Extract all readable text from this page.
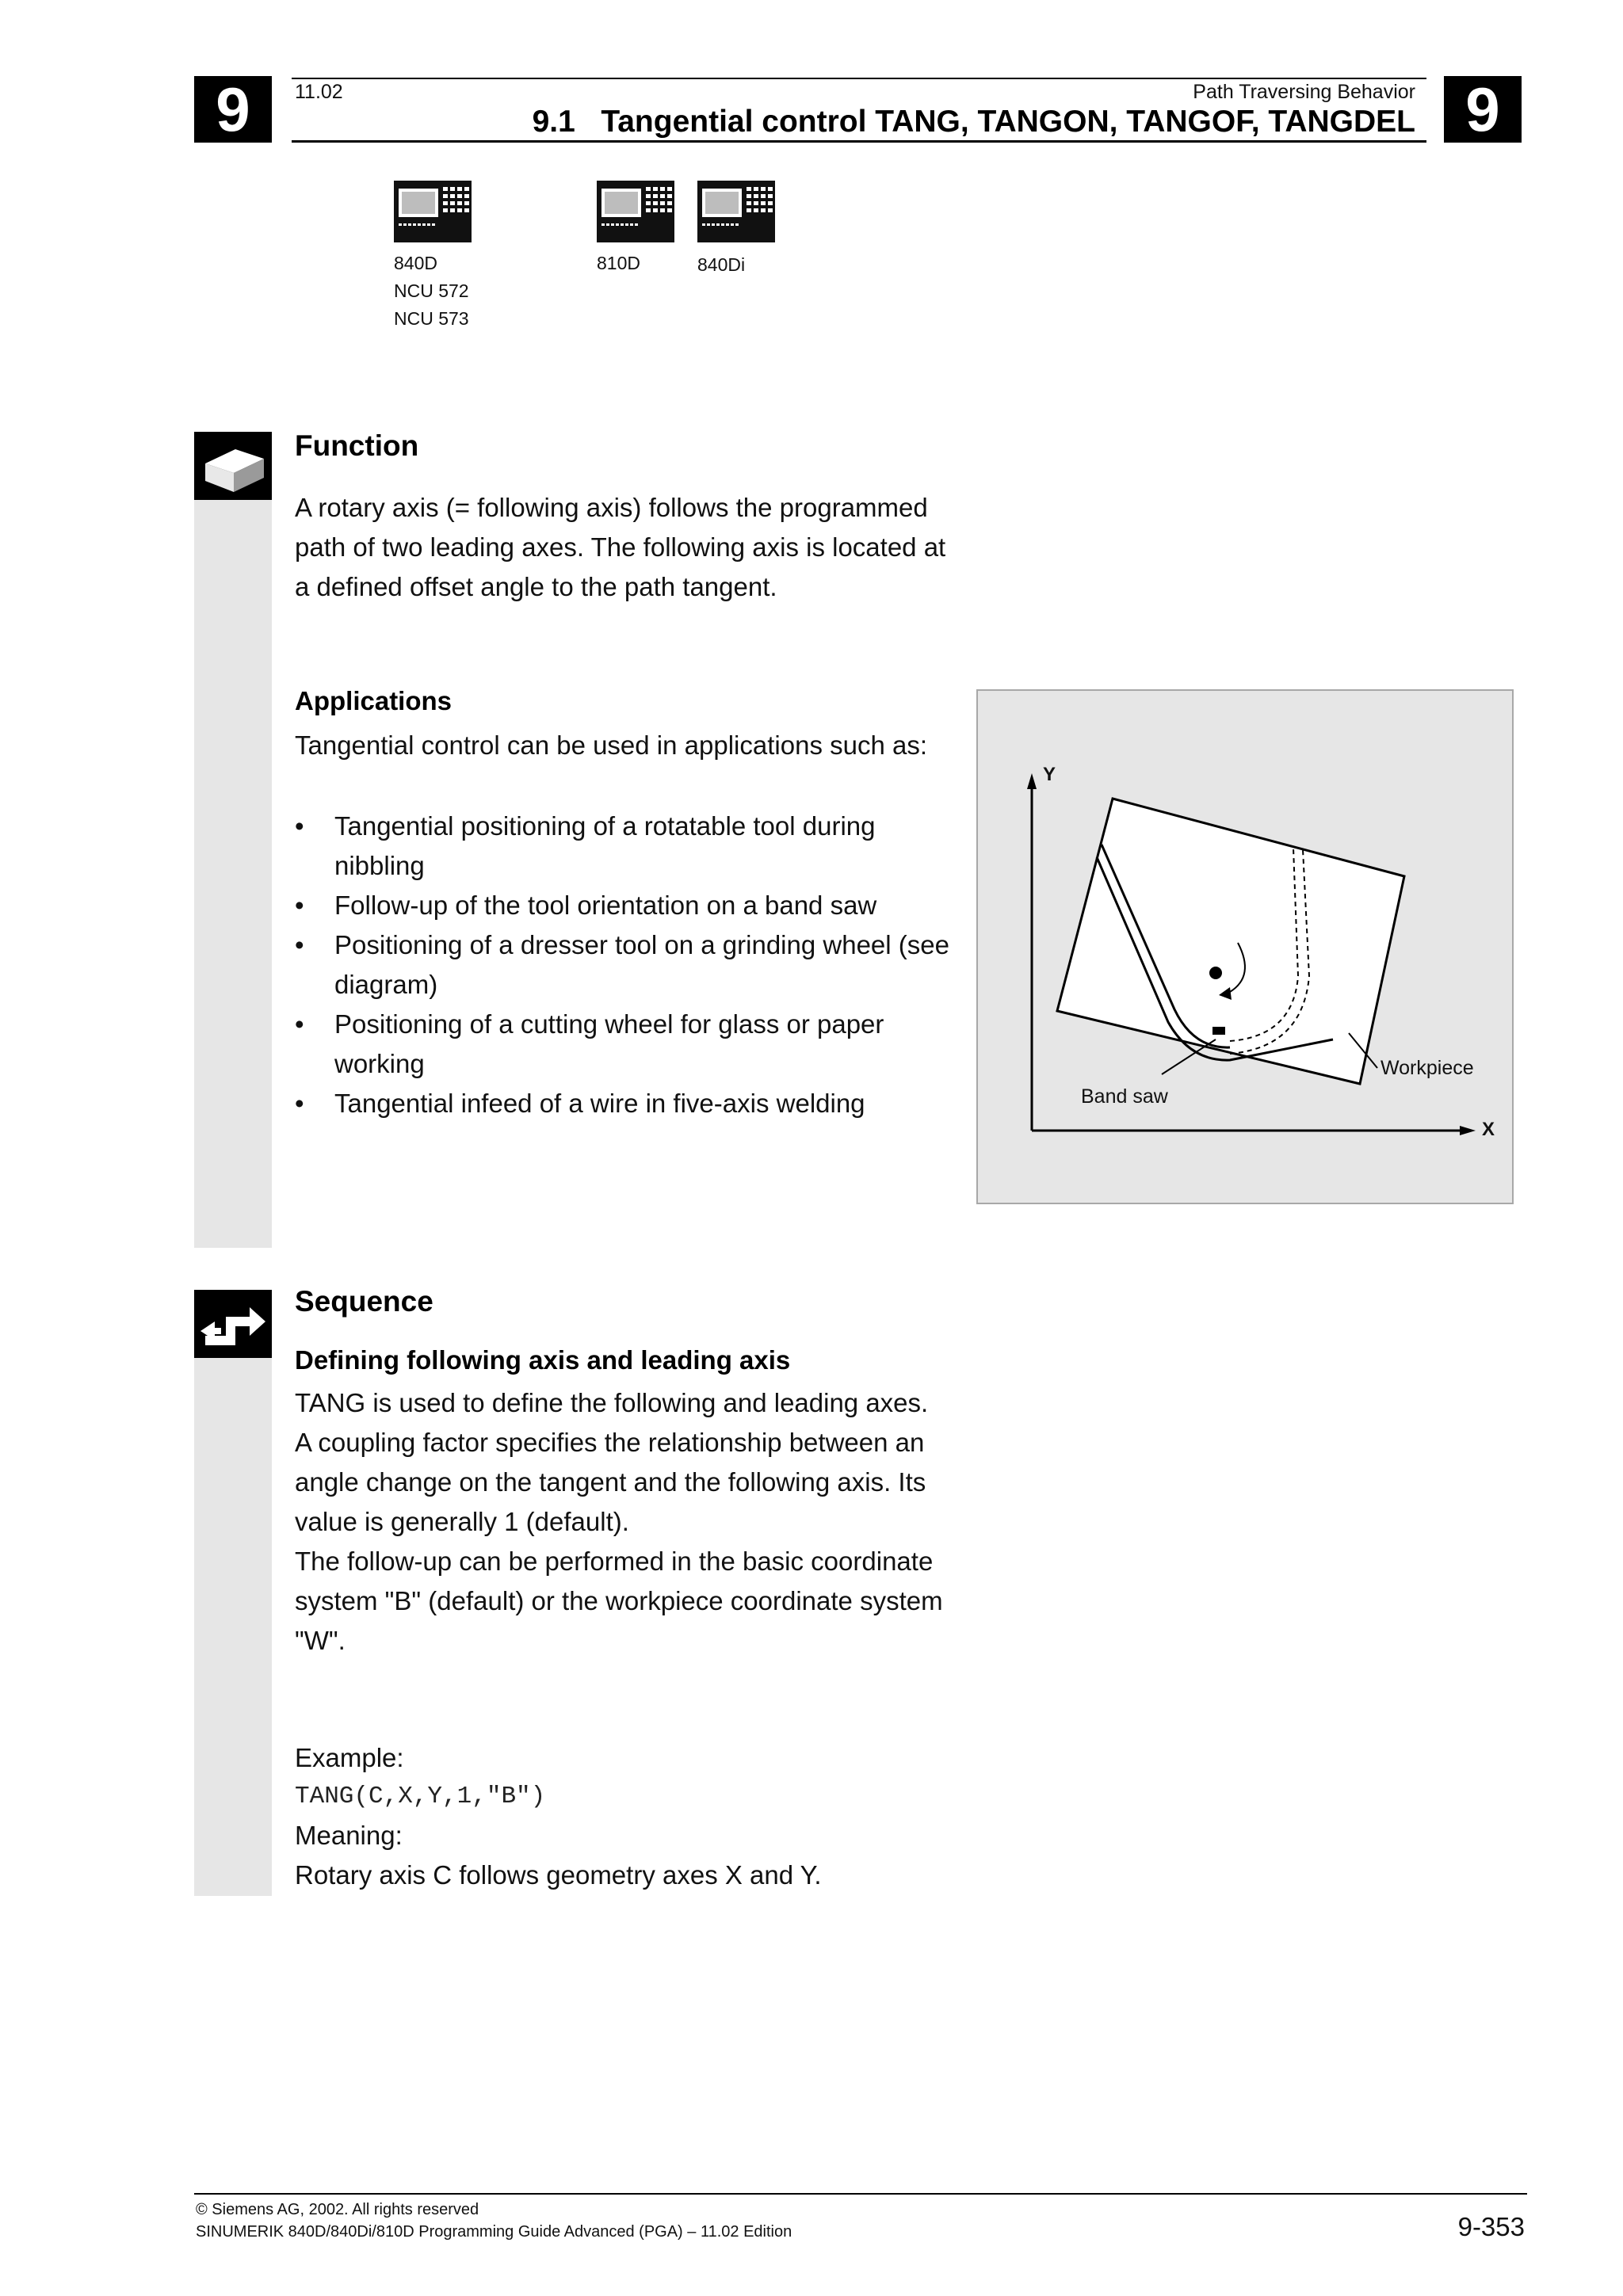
9	9
11.02	Path Traversing Behavior
9.1   Tangential control TANG, TANGON, TANGOF, TANGDEL
840D
NCU 572
NCU 573
810D	840Di
Function

A rotary axis (= following axis) follows the programmed path of two leading axes. The following axis is located at a defined offset angle to the path tangent.

Applications

Tangential control can be used in applications such as:

• Tangential positioning of a rotatable tool during nibbling
• Follow-up of the tool orientation on a band saw
• Positioning of a dresser tool on a grinding wheel (see diagram)
• Positioning of a cutting wheel for glass or paper working
• Tangential infeed of a wire in five-axis welding
Y
X
Band saw
Workpiece
Sequence
Defining following axis and leading axis

TANG is used to define the following and leading axes.

A coupling factor specifies the relationship between an angle change on the tangent and the following axis. Its value is generally 1 (default).

The follow-up can be performed in the basic coordinate system "B" (default) or the workpiece coordinate system "W".

Example:
TANG(C,X,Y,1,"B")
Meaning:
Rotary axis C follows geometry axes X and Y.
© Siemens AG, 2002. All rights reserved
SINUMERIK 840D/840Di/810D Programming Guide Advanced (PGA) – 11.02 Edition	9-353
